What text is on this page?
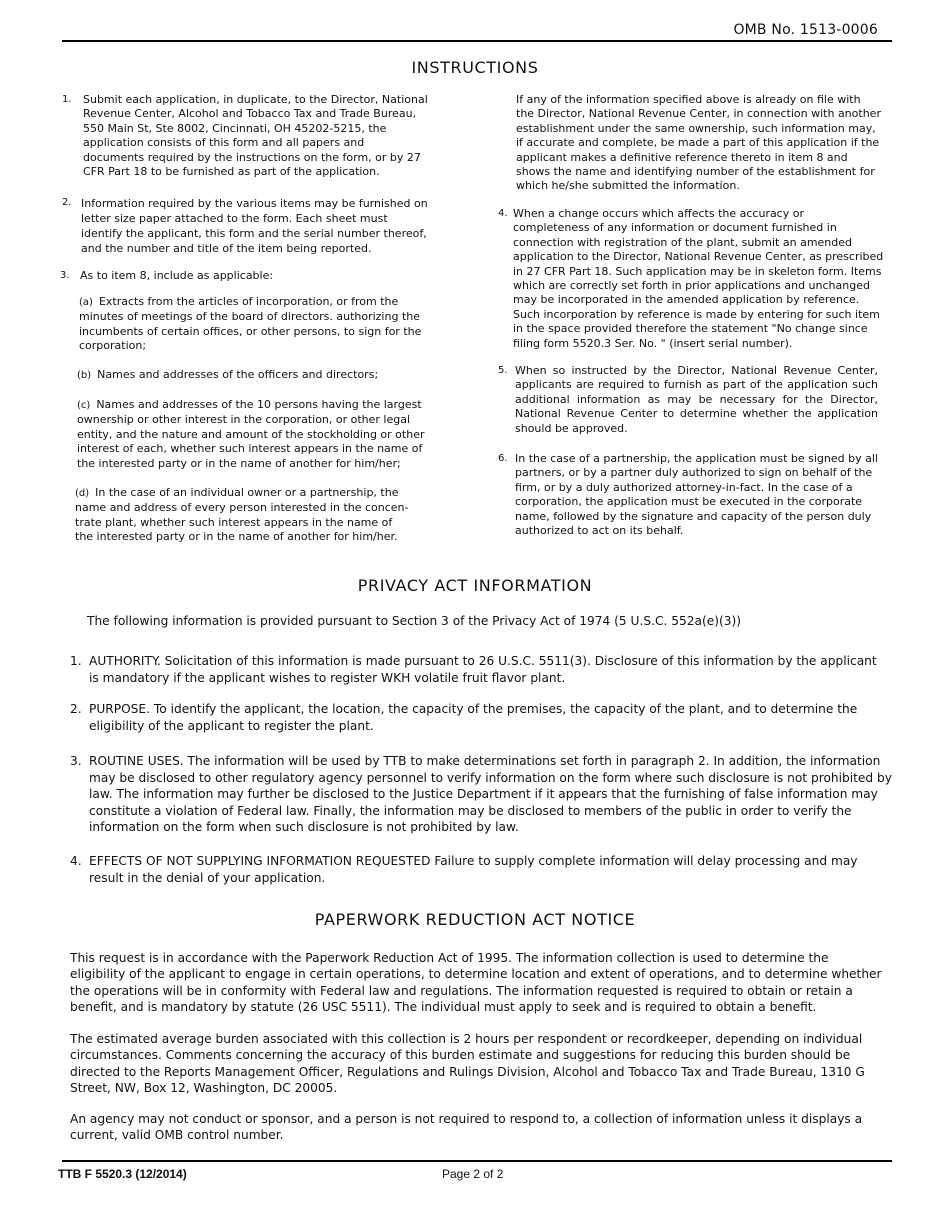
OMB No. 1513-0006
INSTRUCTIONS
1. Submit each application, in duplicate, to the Director, National Revenue Center, Alcohol and Tobacco Tax and Trade Bureau, 550 Main St, Ste 8002, Cincinnati, OH 45202-5215, the application consists of this form and all papers and documents required by the instructions on the form, or by 27 CFR Part 18 to be furnished as part of the application.
2. Information required by the various items may be furnished on letter size paper attached to the form. Each sheet must identify the applicant, this form and the serial number thereof, and the number and title of the item being reported.
3. As to item 8, include as applicable:
(a) Extracts from the articles of incorporation, or from the minutes of meetings of the board of directors. authorizing the incumbents of certain offices, or other persons, to sign for the corporation;
(b) Names and addresses of the officers and directors;
(c) Names and addresses of the 10 persons having the largest ownership or other interest in the corporation, or other legal entity, and the nature and amount of the stockholding or other interest of each, whether such interest appears in the name of the interested party or in the name of another for him/her;
(d) In the case of an individual owner or a partnership, the name and address of every person interested in the concen-trate plant, whether such interest appears in the name of the interested party or in the name of another for him/her.
If any of the information specified above is already on file with the Director, National Revenue Center, in connection with another establishment under the same ownership, such information may, if accurate and complete, be made a part of this application if the applicant makes a definitive reference thereto in item 8 and shows the name and identifying number of the establishment for which he/she submitted the information.
4. When a change occurs which affects the accuracy or completeness of any information or document furnished in connection with registration of the plant, submit an amended application to the Director, National Revenue Center, as prescribed in 27 CFR Part 18. Such application may be in skeleton form. Items which are correctly set forth in prior applications and unchanged may be incorporated in the amended application by reference. Such incorporation by reference is made by entering for such item in the space provided therefore the statement "No change since filing form 5520.3 Ser. No. " (insert serial number).
5. When so instructed by the Director, National Revenue Center, applicants are required to furnish as part of the application such additional information as may be necessary for the Director, National Revenue Center to determine whether the application should be approved.
6. In the case of a partnership, the application must be signed by all partners, or by a partner duly authorized to sign on behalf of the firm, or by a duly authorized attorney-in-fact. In the case of a corporation, the application must be executed in the corporate name, followed by the signature and capacity of the person duly authorized to act on its behalf.
PRIVACY ACT INFORMATION
The following information is provided pursuant to Section 3 of the Privacy Act of 1974 (5 U.S.C. 552a(e)(3))
1. AUTHORITY. Solicitation of this information is made pursuant to 26 U.S.C. 5511(3). Disclosure of this information by the applicant is mandatory if the applicant wishes to register WKH volatile fruit flavor plant.
2. PURPOSE. To identify the applicant, the location, the capacity of the premises, the capacity of the plant, and to determine the eligibility of the applicant to register the plant.
3. ROUTINE USES. The information will be used by TTB to make determinations set forth in paragraph 2. In addition, the information may be disclosed to other regulatory agency personnel to verify information on the form where such disclosure is not prohibited by law. The information may further be disclosed to the Justice Department if it appears that the furnishing of false information may constitute a violation of Federal law. Finally, the information may be disclosed to members of the public in order to verify the information on the form when such disclosure is not prohibited by law.
4. EFFECTS OF NOT SUPPLYING INFORMATION REQUESTED Failure to supply complete information will delay processing and may result in the denial of your application.
PAPERWORK REDUCTION ACT NOTICE
This request is in accordance with the Paperwork Reduction Act of 1995. The information collection is used to determine the eligibility of the applicant to engage in certain operations, to determine location and extent of operations, and to determine whether the operations will be in conformity with Federal law and regulations. The information requested is required to obtain or retain a benefit, and is mandatory by statute (26 USC 5511). The individual must apply to seek and is required to obtain a benefit.
The estimated average burden associated with this collection is 2 hours per respondent or recordkeeper, depending on individual circumstances. Comments concerning the accuracy of this burden estimate and suggestions for reducing this burden should be directed to the Reports Management Officer, Regulations and Rulings Division, Alcohol and Tobacco Tax and Trade Bureau, 1310 G Street, NW, Box 12, Washington, DC 20005.
An agency may not conduct or sponsor, and a person is not required to respond to, a collection of information unless it displays a current, valid OMB control number.
TTB F 5520.3 (12/2014)	Page 2 of 2
